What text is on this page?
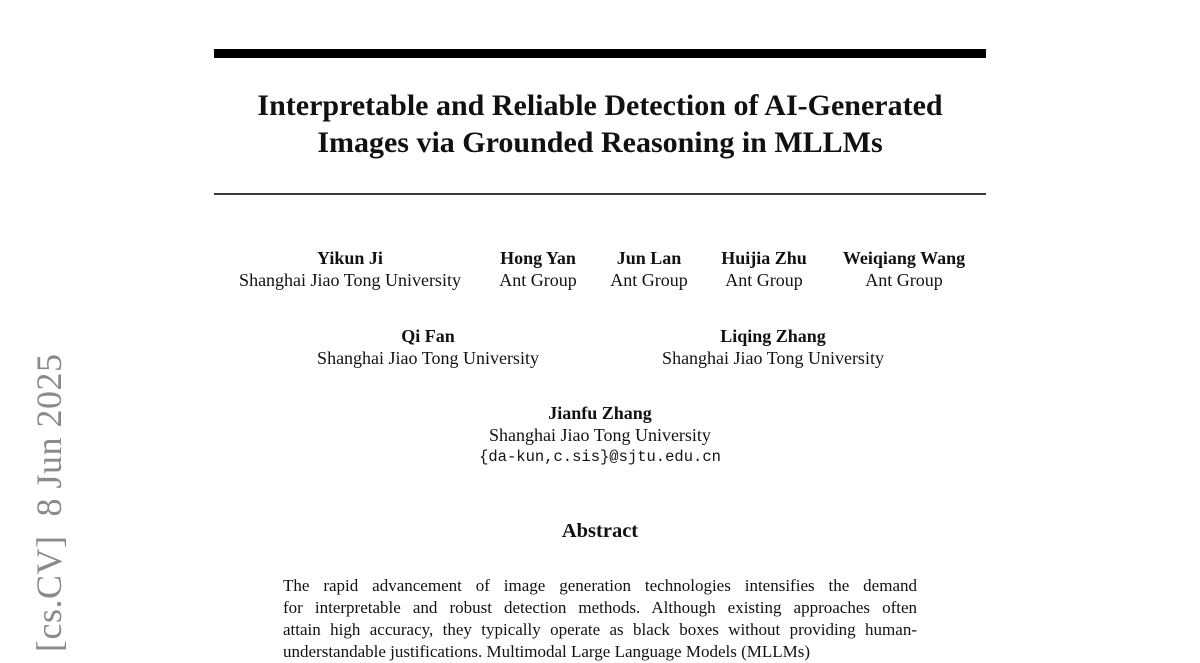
[cs.CV]  8 Jun 2025
Interpretable and Reliable Detection of AI-Generated
Images via Grounded Reasoning in MLLMs
Yikun Ji
Shanghai Jiao Tong University
Hong Yan
Ant Group
Jun Lan
Ant Group
Huijia Zhu
Ant Group
Weiqiang Wang
Ant Group
Qi Fan
Shanghai Jiao Tong University
Liqing Zhang
Shanghai Jiao Tong University
Jianfu Zhang
Shanghai Jiao Tong University
{da-kun,c.sis}@sjtu.edu.cn
Abstract
The rapid advancement of image generation technologies intensifies the demand
for interpretable and robust detection methods. Although existing approaches often
attain high accuracy, they typically operate as black boxes without providing human-
understandable justifications. Multimodal Large Language Models (MLLMs)
